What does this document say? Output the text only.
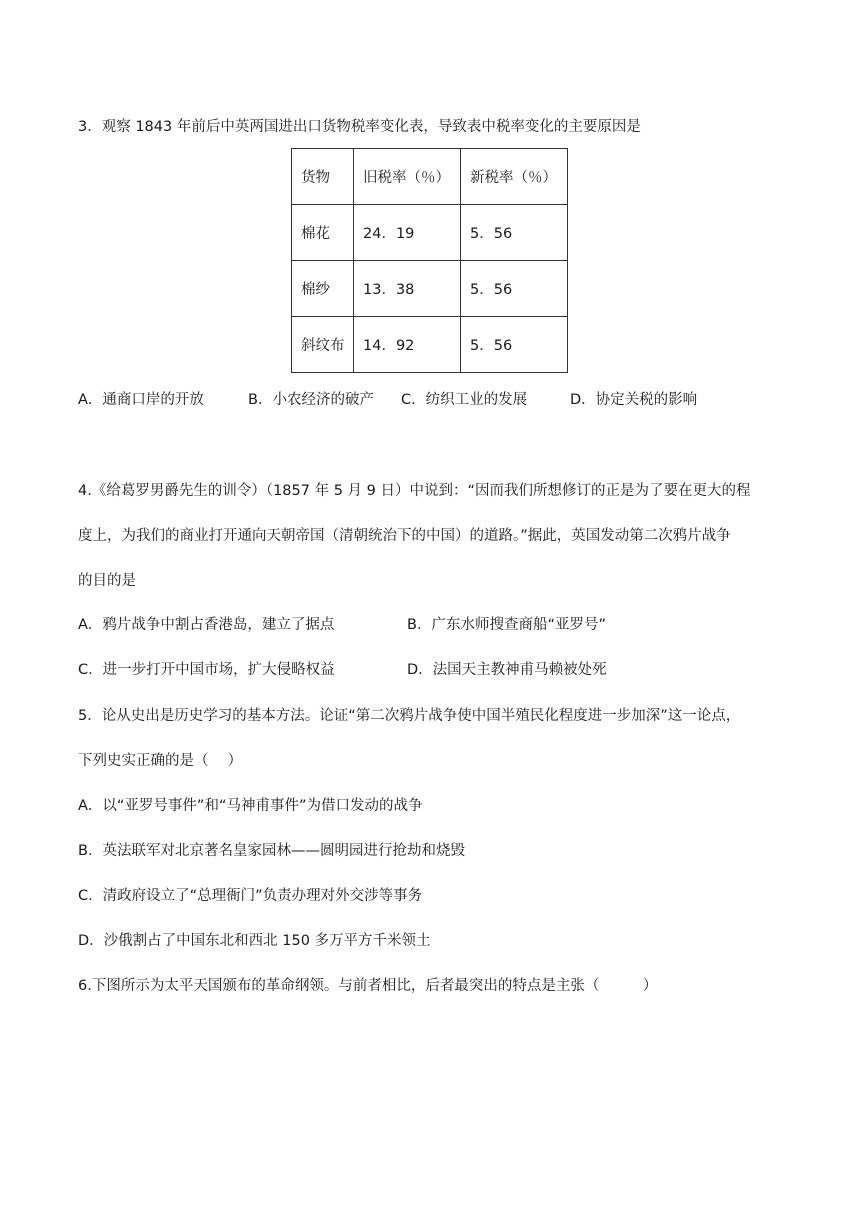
3．观察 1843 年前后中英两国进出口货物税率变化表，导致表中税率变化的主要原因是
货物	旧税率（％）	新税率（％）
棉花	24．19	5．56
棉纱	13．38	5．56
斜纹布	14．92	5．56
A．通商口岸的开放	B．小农经济的破产 C．纺织工业的发展	D．协定关税的影响
4.《给葛罗男爵先生的训令）（1857 年 5 月 9 日）中说到：“因而我们所想修订的正是为了要在更大的程
度上，为我们的商业打开通向天朝帝国（清朝统治下的中国）的道路。”据此，英国发动第二次鸦片战争
的目的是
A．鸦片战争中割占香港岛，建立了据点	B．广东水师搜查商船“亚罗号”
C．进一步打开中国市场，扩大侵略权益	D．法国天主教神甫马赖被处死
5．论从史出是历史学习的基本方法。论证“第二次鸦片战争使中国半殖民化程度进一步加深”这一论点，
下列史实正确的是（　 ）
A．以“亚罗号事件”和“马神甫事件”为借口发动的战争
B．英法联军对北京著名皇家园林——圆明园进行抢劫和烧毁
C．清政府设立了“总理衙门”负责办理对外交涉等事务
D．沙俄割占了中国东北和西北 150 多万平方千米领土
6.下图所示为太平天国颁布的革命纲领。与前者相比，后者最突出的特点是主张（　　　）
